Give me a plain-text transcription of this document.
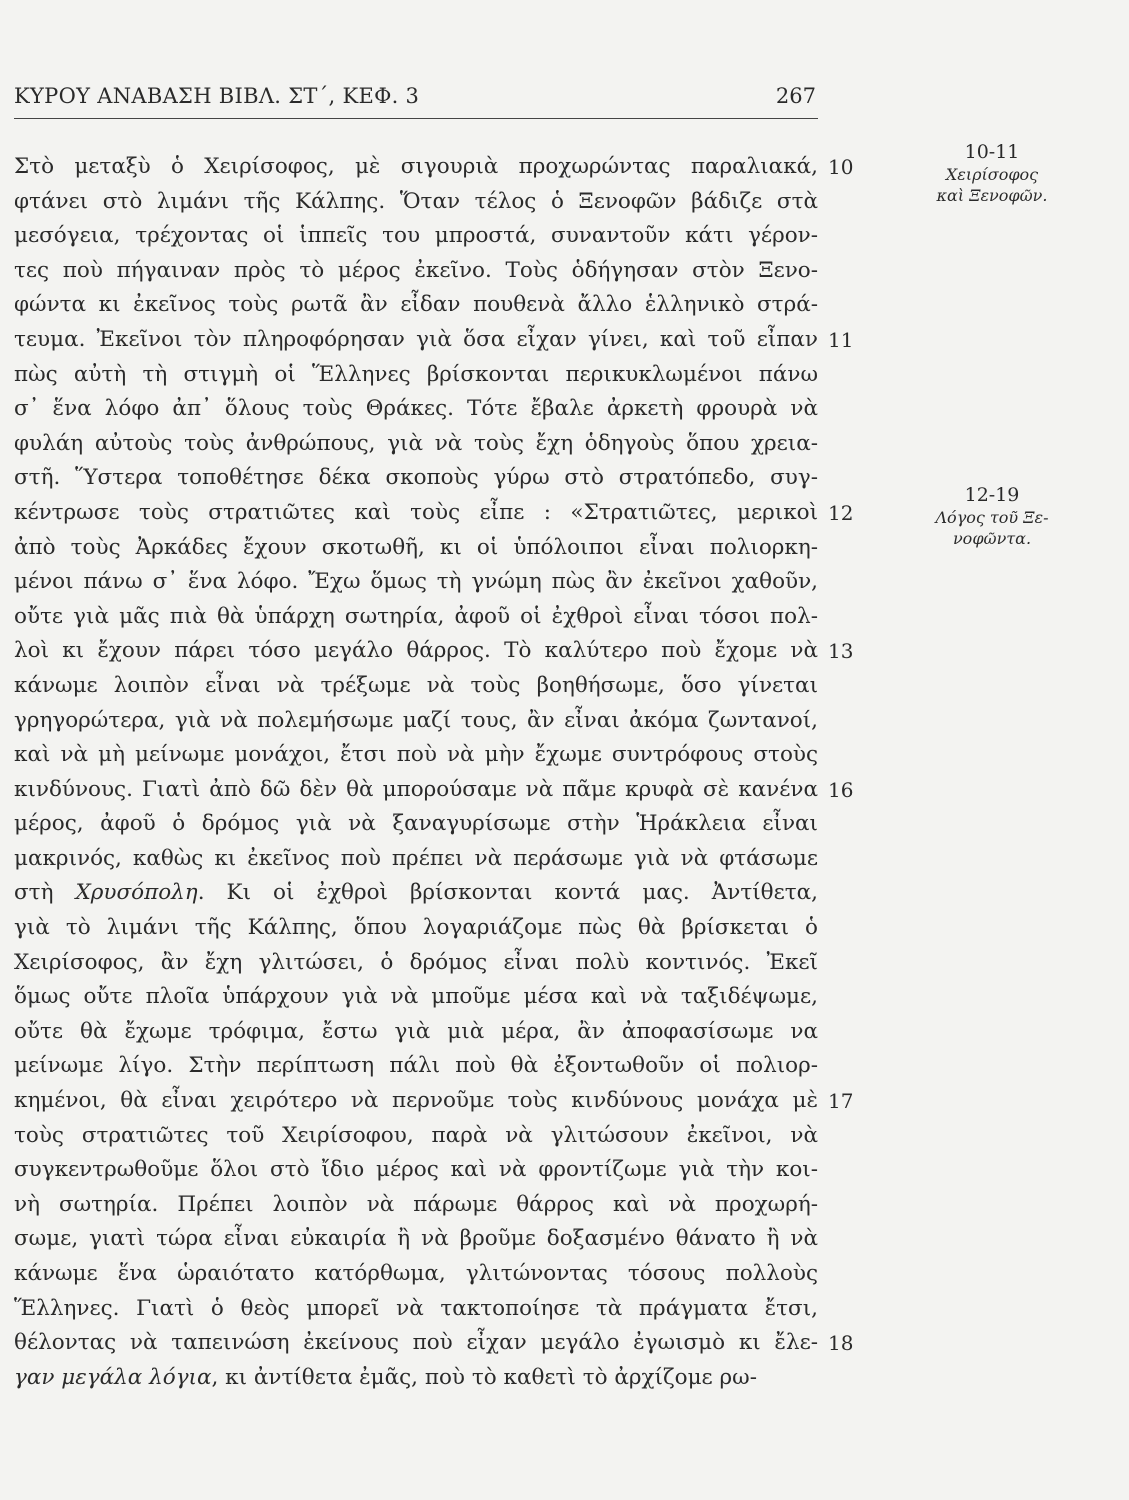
ΚΥΡΟΥ ΑΝΑΒΑΣΗ ΒΙΒΛ. ΣΤ΄, ΚΕΦ. 3	267
Στὸ μεταξὺ ὁ Χειρίσοφος, μὲ σιγουριὰ προχωρώντας παραλιακά,
φτάνει στὸ λιμάνι τῆς Κάλπης. Ὅταν τέλος ὁ Ξενοφῶν βάδιζε στὰ
μεσόγεια, τρέχοντας οἱ ἱππεῖς του μπροστά, συναντοῦν κάτι γέρον-
τες ποὺ πήγαιναν πρὸς τὸ μέρος ἐκεῖνο. Τοὺς ὁδήγησαν στὸν Ξενο-
φώντα κι ἐκεῖνος τοὺς ρωτᾶ ἂν εἶδαν πουθενὰ ἄλλο ἑλληνικὸ στρά-
τευμα. Ἐκεῖνοι τὸν πληροφόρησαν γιὰ ὅσα εἶχαν γίνει, καὶ τοῦ εἶπαν
πὼς αὐτὴ τὴ στιγμὴ οἱ Ἕλληνες βρίσκονται περικυκλωμένοι πάνω
σ᾽ ἕνα λόφο ἀπ᾽ ὅλους τοὺς Θράκες. Τότε ἔβαλε ἀρκετὴ φρουρὰ νὰ
φυλάη αὐτοὺς τοὺς ἀνθρώπους, γιὰ νὰ τοὺς ἔχη ὁδηγοὺς ὅπου χρεια-
στῆ. Ὕστερα τοποθέτησε δέκα σκοποὺς γύρω στὸ στρατόπεδο, συγ-
κέντρωσε τοὺς στρατιῶτες καὶ τοὺς εἶπε : «Στρατιῶτες, μερικοὶ
ἀπὸ τοὺς Ἀρκάδες ἔχουν σκοτωθῆ, κι οἱ ὑπόλοιποι εἶναι πολιορκη-
μένοι πάνω σ᾽ ἕνα λόφο. Ἔχω ὅμως τὴ γνώμη πὼς ἂν ἐκεῖνοι χαθοῦν,
οὔτε γιὰ μᾶς πιὰ θὰ ὑπάρχη σωτηρία, ἀφοῦ οἱ ἐχθροὶ εἶναι τόσοι πολ-
λοὶ κι ἔχουν πάρει τόσο μεγάλο θάρρος. Τὸ καλύτερο ποὺ ἔχομε νὰ
κάνωμε λοιπὸν εἶναι νὰ τρέξωμε νὰ τοὺς βοηθήσωμε, ὅσο γίνεται
γρηγορώτερα, γιὰ νὰ πολεμήσωμε μαζί τους, ἂν εἶναι ἀκόμα ζωντανοί,
καὶ νὰ μὴ μείνωμε μονάχοι, ἔτσι ποὺ νὰ μὴν ἔχωμε συντρόφους στοὺς
κινδύνους. Γιατὶ ἀπὸ δῶ δὲν θὰ μπορούσαμε νὰ πᾶμε κρυφὰ σὲ κανένα
μέρος, ἀφοῦ ὁ δρόμος γιὰ νὰ ξαναγυρίσωμε στὴν Ἡράκλεια εἶναι
μακρινός, καθὼς κι ἐκεῖνος ποὺ πρέπει νὰ περάσωμε γιὰ νὰ φτάσωμε
στὴ Χρυσόπολη. Κι οἱ ἐχθροὶ βρίσκονται κοντά μας. Ἀντίθετα,
γιὰ τὸ λιμάνι τῆς Κάλπης, ὅπου λογαριάζομε πὼς θὰ βρίσκεται ὁ
Χειρίσοφος, ἂν ἔχη γλιτώσει, ὁ δρόμος εἶναι πολὺ κοντινός. Ἐκεῖ
ὅμως οὔτε πλοῖα ὑπάρχουν γιὰ νὰ μποῦμε μέσα καὶ νὰ ταξιδέψωμε,
οὔτε θὰ ἔχωμε τρόφιμα, ἔστω γιὰ μιὰ μέρα, ἂν ἀποφασίσωμε να
μείνωμε λίγο. Στὴν περίπτωση πάλι ποὺ θὰ ἐξοντωθοῦν οἱ πολιορ-
κημένοι, θὰ εἶναι χειρότερο νὰ περνοῦμε τοὺς κινδύνους μονάχα μὲ
τοὺς στρατιῶτες τοῦ Χειρίσοφου, παρὰ νὰ γλιτώσουν ἐκεῖνοι, νὰ
συγκεντρωθοῦμε ὅλοι στὸ ἴδιο μέρος καὶ νὰ φροντίζωμε γιὰ τὴν κοι-
νὴ σωτηρία. Πρέπει λοιπὸν νὰ πάρωμε θάρρος καὶ νὰ προχωρή-
σωμε, γιατὶ τώρα εἶναι εὐκαιρία ἢ νὰ βροῦμε δοξασμένο θάνατο ἢ νὰ
κάνωμε ἕνα ὡραιότατο κατόρθωμα, γλιτώνοντας τόσους πολλοὺς
Ἕλληνες. Γιατὶ ὁ θεὸς μπορεῖ νὰ τακτοποίησε τὰ πράγματα ἔτσι,
θέλοντας νὰ ταπεινώση ἐκείνους ποὺ εἶχαν μεγάλο ἐγωισμὸ κι ἔλε-
γαν μεγάλα λόγια, κι ἀντίθετα ἐμᾶς, ποὺ τὸ καθετὶ τὸ ἀρχίζομε ρω-
10
11
12
13
16
17
18
10-11
Χειρίσοφος
καὶ Ξενοφῶν.
12-19
Λόγος τοῦ Ξε-
νοφῶντα.
